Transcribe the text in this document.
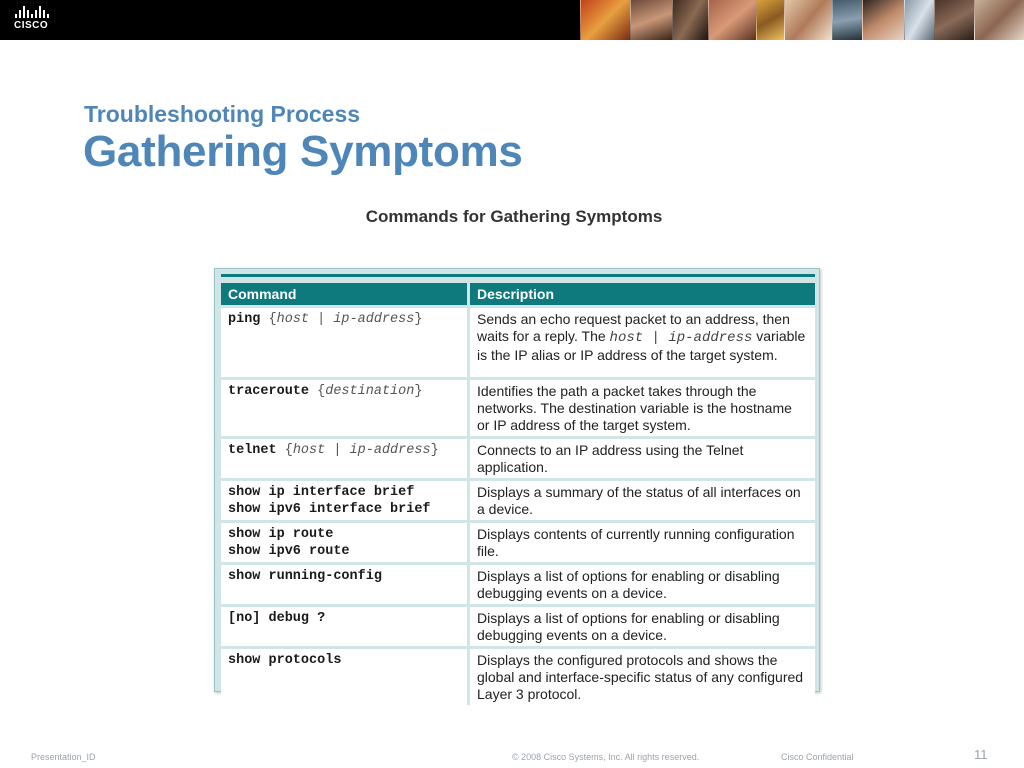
CISCO
Troubleshooting Process
Gathering Symptoms

Commands for Gathering Symptoms

Command	Description
ping {host | ip-address}	Sends an echo request packet to an address, then waits for a reply. The host | ip-address variable is the IP alias or IP address of the target system.
traceroute {destination}	Identifies the path a packet takes through the networks. The destination variable is the hostname or IP address of the target system.
telnet {host | ip-address}	Connects to an IP address using the Telnet application.
show ip interface brief
show ipv6 interface brief	Displays a summary of the status of all interfaces on a device.
show ip route
show ipv6 route	Displays contents of currently running configuration file.
show running-config	Displays a list of options for enabling or disabling debugging events on a device.
[no] debug ?	Displays a list of options for enabling or disabling debugging events on a device.
show protocols	Displays the configured protocols and shows the global and interface-specific status of any configured Layer 3 protocol.
Presentation_ID	© 2008 Cisco Systems, Inc. All rights reserved.	Cisco Confidential	11
